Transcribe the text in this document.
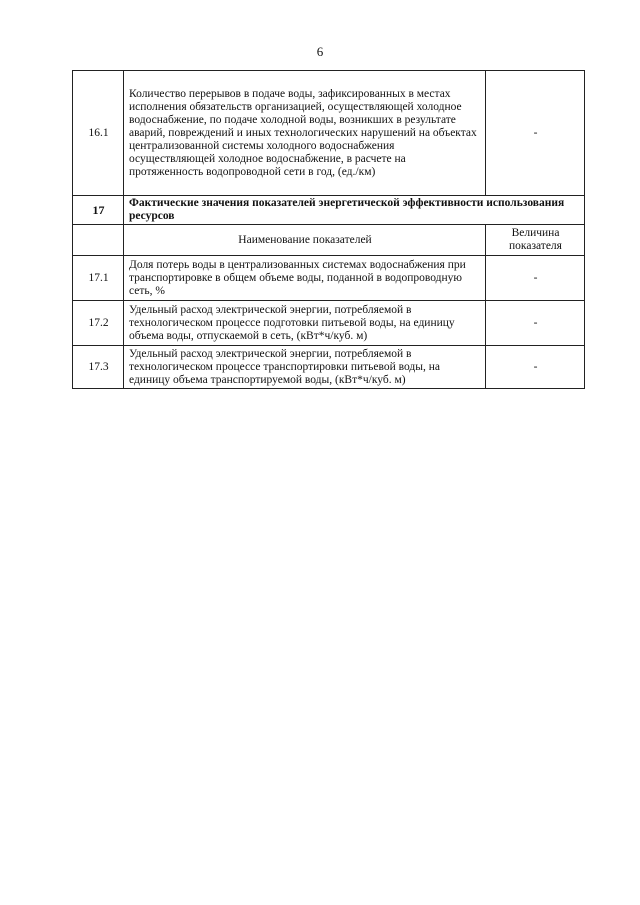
6
16.1	Количество перерывов в подаче воды, зафиксированных в местах исполнения обязательств организацией, осуществляющей холодное водоснабжение, по подаче холодной воды, возникших в результате аварий, повреждений и иных технологических нарушений на объектах централизованной системы холодного водоснабжения осуществляющей холодное водоснабжение, в расчете на протяженность водопроводной сети в год, (ед./км)	-
17	Фактические значения показателей энергетической эффективности использования ресурсов	
	Наименование показателей	Величина показателя
17.1	Доля потерь воды в централизованных системах водоснабжения при транспортировке в общем объеме воды, поданной в водопроводную сеть, %	-
17.2	Удельный расход электрической энергии, потребляемой в технологическом процессе подготовки питьевой воды, на единицу объема воды, отпускаемой в сеть, (кВт*ч/куб. м)	-
17.3	Удельный расход электрической энергии, потребляемой в технологическом процессе транспортировки питьевой воды, на единицу объема транспортируемой воды, (кВт*ч/куб. м)	-
